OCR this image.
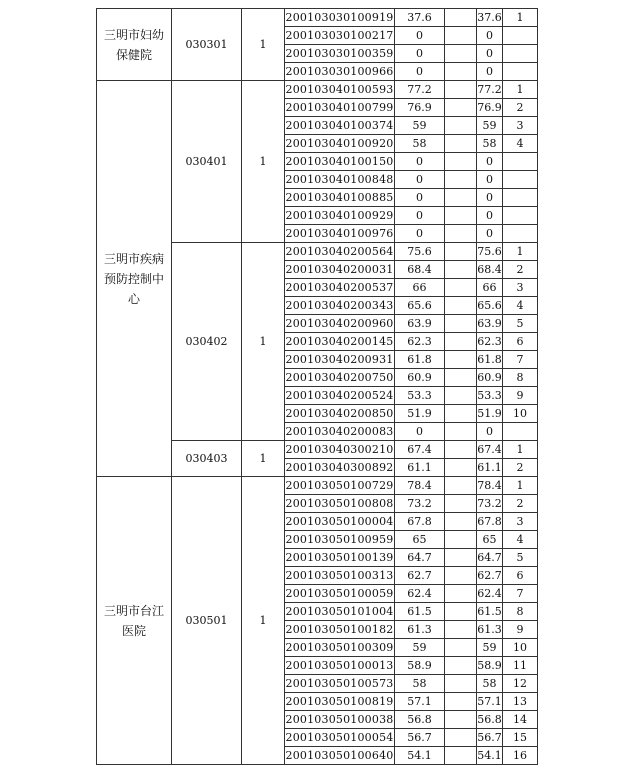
三明市妇幼保健院	030301	1	200103030100919	37.6		37.6	1
			200103030100217	0		0	
			200103030100359	0		0	
			200103030100966	0		0	
三明市疾病预防控制中心	030401	1	200103040100593	77.2		77.2	1
			200103040100799	76.9		76.9	2
			200103040100374	59		59	3
			200103040100920	58		58	4
			200103040100150	0		0	
			200103040100848	0		0	
			200103040100885	0		0	
			200103040100929	0		0	
			200103040100976	0		0	
	030402	1	200103040200564	75.6		75.6	1
			200103040200031	68.4		68.4	2
			200103040200537	66		66	3
			200103040200343	65.6		65.6	4
			200103040200960	63.9		63.9	5
			200103040200145	62.3		62.3	6
			200103040200931	61.8		61.8	7
			200103040200750	60.9		60.9	8
			200103040200524	53.3		53.3	9
			200103040200850	51.9		51.9	10
			200103040200083	0		0	
	030403	1	200103040300210	67.4		67.4	1
			200103040300892	61.1		61.1	2
三明市台江医院	030501	1	200103050100729	78.4		78.4	1
			200103050100808	73.2		73.2	2
			200103050100004	67.8		67.8	3
			200103050100959	65		65	4
			200103050100139	64.7		64.7	5
			200103050100313	62.7		62.7	6
			200103050100059	62.4		62.4	7
			200103050101004	61.5		61.5	8
			200103050100182	61.3		61.3	9
			200103050100309	59		59	10
			200103050100013	58.9		58.9	11
			200103050100573	58		58	12
			200103050100819	57.1		57.1	13
			200103050100038	56.8		56.8	14
			200103050100054	56.7		56.7	15
			200103050100640	54.1		54.1	16
